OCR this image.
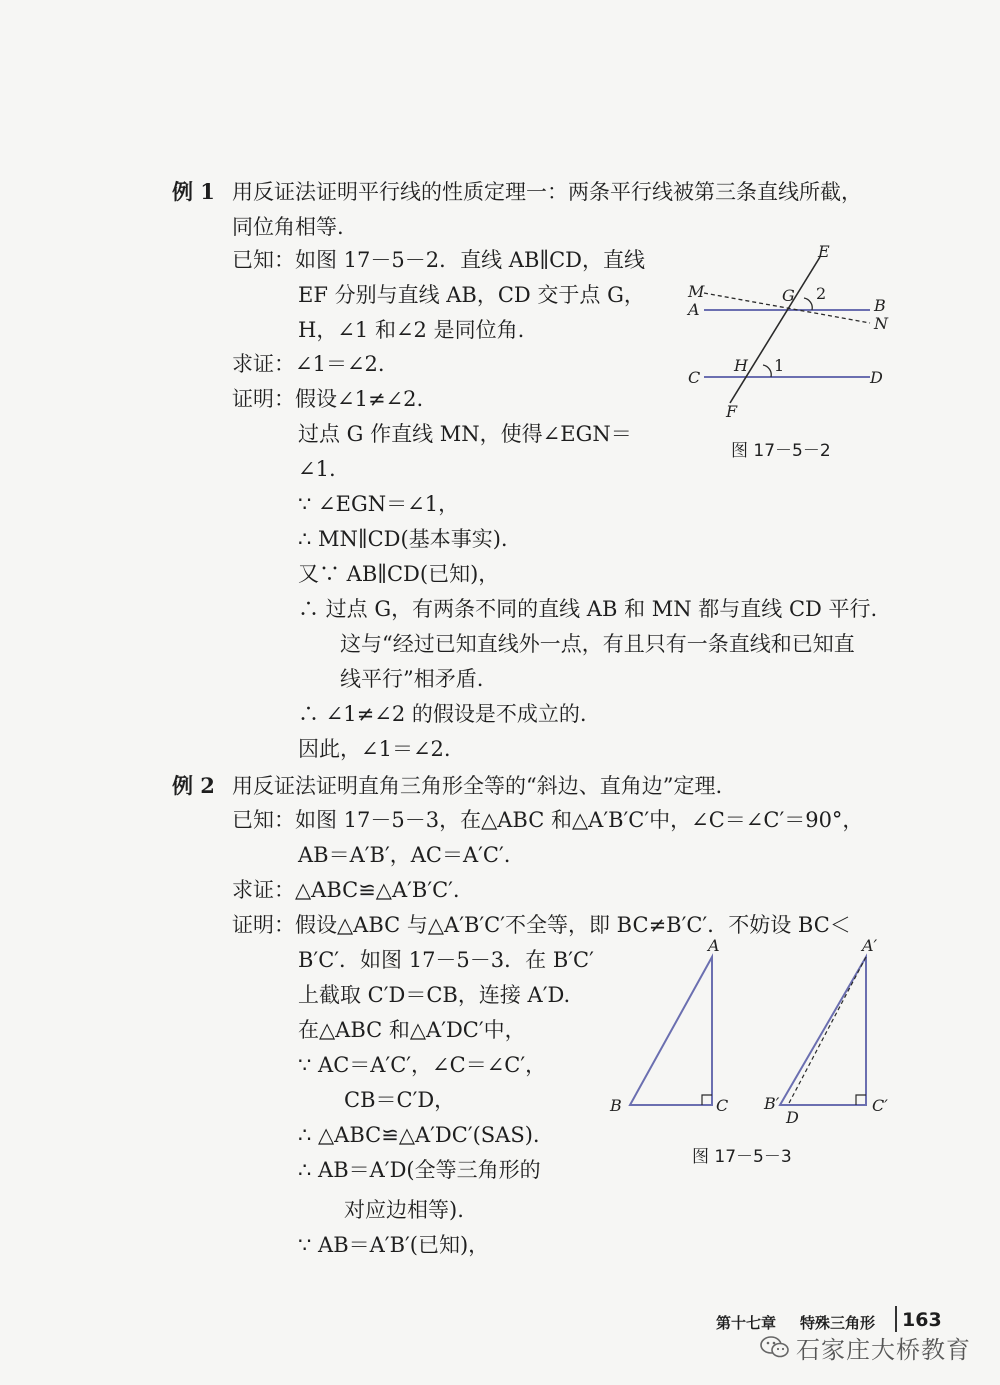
例 1 用反证法证明平行线的性质定理一：两条平行线被第三条直线所截，
同位角相等.
已知：如图 17－5－2．直线 AB∥CD，直线
EF 分别与直线 AB，CD 交于点 G，
H，∠1 和∠2 是同位角.
求证：∠1＝∠2.
证明：假设∠1≠∠2.
过点 G 作直线 MN，使得∠EGN＝
∠1.
∵ ∠EGN＝∠1，
∴ MN∥CD(基本事实).
又∵ AB∥CD(已知)，
∴ 过点 G，有两条不同的直线 AB 和 MN 都与直线 CD 平行.
这与“经过已知直线外一点，有且只有一条直线和已知直
线平行”相矛盾.
∴ ∠1≠∠2 的假设是不成立的.
因此，∠1＝∠2.
E
M	G 2
B
A
N
C
H 1
D
F
图 17－5－2
例 2 用反证法证明直角三角形全等的“斜边、直角边”定理.
已知：如图 17－5－3，在△ABC 和△A′B′C′中，∠C＝∠C′＝90°，
AB＝A′B′，AC＝A′C′.
求证：△ABC≌△A′B′C′.
证明：假设△ABC 与△A′B′C′不全等，即 BC≠B′C′．不妨设 BC＜
B′C′．如图 17－5－3．在 B′C′
上截取 C′D＝CB，连接 A′D.
在△ABC 和△A′DC′中，
∵ AC＝A′C′，∠C＝∠C′，
CB＝C′D，
∴ △ABC≌△A′DC′(SAS).
∴ AB＝A′D(全等三角形的
对应边相等).
∵ AB＝A′B′(已知)，
A
B	C
A′
B′
D
C′
图 17－5－3
第十七章 特殊三角形 163
石家庄大桥教育
